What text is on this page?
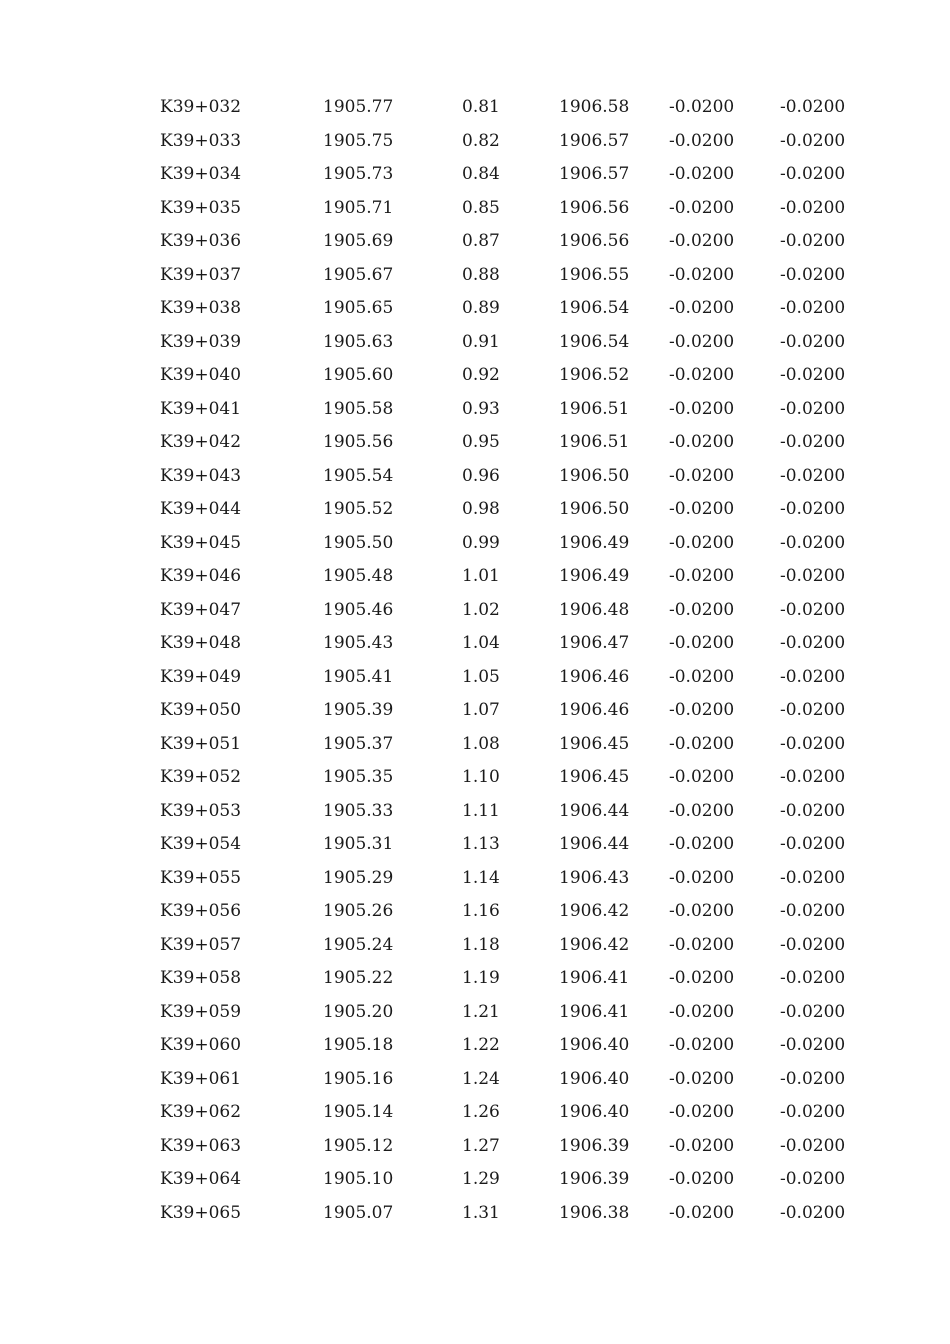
K39+032	1905.77	0.81	1906.58	-0.0200	-0.0200
K39+033	1905.75	0.82	1906.57	-0.0200	-0.0200
K39+034	1905.73	0.84	1906.57	-0.0200	-0.0200
K39+035	1905.71	0.85	1906.56	-0.0200	-0.0200
K39+036	1905.69	0.87	1906.56	-0.0200	-0.0200
K39+037	1905.67	0.88	1906.55	-0.0200	-0.0200
K39+038	1905.65	0.89	1906.54	-0.0200	-0.0200
K39+039	1905.63	0.91	1906.54	-0.0200	-0.0200
K39+040	1905.60	0.92	1906.52	-0.0200	-0.0200
K39+041	1905.58	0.93	1906.51	-0.0200	-0.0200
K39+042	1905.56	0.95	1906.51	-0.0200	-0.0200
K39+043	1905.54	0.96	1906.50	-0.0200	-0.0200
K39+044	1905.52	0.98	1906.50	-0.0200	-0.0200
K39+045	1905.50	0.99	1906.49	-0.0200	-0.0200
K39+046	1905.48	1.01	1906.49	-0.0200	-0.0200
K39+047	1905.46	1.02	1906.48	-0.0200	-0.0200
K39+048	1905.43	1.04	1906.47	-0.0200	-0.0200
K39+049	1905.41	1.05	1906.46	-0.0200	-0.0200
K39+050	1905.39	1.07	1906.46	-0.0200	-0.0200
K39+051	1905.37	1.08	1906.45	-0.0200	-0.0200
K39+052	1905.35	1.10	1906.45	-0.0200	-0.0200
K39+053	1905.33	1.11	1906.44	-0.0200	-0.0200
K39+054	1905.31	1.13	1906.44	-0.0200	-0.0200
K39+055	1905.29	1.14	1906.43	-0.0200	-0.0200
K39+056	1905.26	1.16	1906.42	-0.0200	-0.0200
K39+057	1905.24	1.18	1906.42	-0.0200	-0.0200
K39+058	1905.22	1.19	1906.41	-0.0200	-0.0200
K39+059	1905.20	1.21	1906.41	-0.0200	-0.0200
K39+060	1905.18	1.22	1906.40	-0.0200	-0.0200
K39+061	1905.16	1.24	1906.40	-0.0200	-0.0200
K39+062	1905.14	1.26	1906.40	-0.0200	-0.0200
K39+063	1905.12	1.27	1906.39	-0.0200	-0.0200
K39+064	1905.10	1.29	1906.39	-0.0200	-0.0200
K39+065	1905.07	1.31	1906.38	-0.0200	-0.0200
